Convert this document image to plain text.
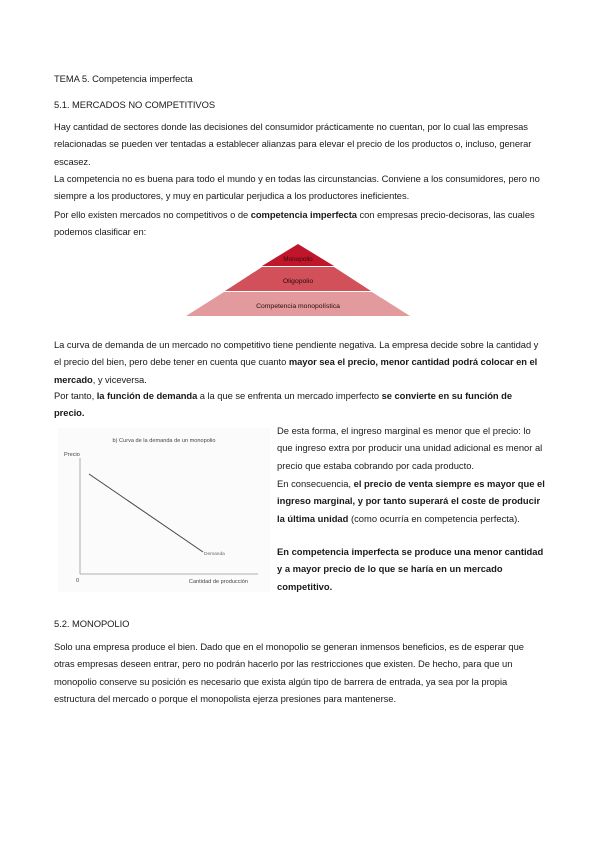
TEMA 5. Competencia imperfecta
5.1. MERCADOS NO COMPETITIVOS
Hay cantidad de sectores donde las decisiones del consumidor prácticamente no cuentan, por lo cual las empresas relacionadas se pueden ver tentadas a establecer alianzas para elevar el precio de los productos o, incluso, generar escasez.
La competencia no es buena para todo el mundo y en todas las circunstancias. Conviene a los consumidores, pero no siempre a los productores, y muy en particular perjudica a los productores ineficientes.
Por ello existen mercados no competitivos o de competencia imperfecta con empresas precio-decisoras, las cuales podemos clasificar en:
Monopolio
Oligopolio
Competencia monopolística
La curva de demanda de un mercado no competitivo tiene pendiente negativa. La empresa decide sobre la cantidad y el precio del bien, pero debe tener en cuenta que cuanto mayor sea el precio, menor cantidad podrá colocar en el mercado, y viceversa.
Por tanto, la función de demanda a la que se enfrenta un mercado imperfecto se convierte en su función de precio.
b) Curva de la demanda de un monopolio
Precio
0	Cantidad de producción
Demanda
De esta forma, el ingreso marginal es menor que el precio: lo que ingreso extra por producir una unidad adicional es menor al precio que estaba cobrando por cada producto.
En consecuencia, el precio de venta siempre es mayor que el ingreso marginal, y por tanto superará el coste de producir la última unidad (como ocurría en competencia perfecta).
En competencia imperfecta se produce una menor cantidad y a mayor precio de lo que se haría en un mercado competitivo.
5.2. MONOPOLIO
Solo una empresa produce el bien. Dado que en el monopolio se generan inmensos beneficios, es de esperar que otras empresas deseen entrar, pero no podrán hacerlo por las restricciones que existen. De hecho, para que un monopolio conserve su posición es necesario que exista algún tipo de barrera de entrada, ya sea por la propia estructura del mercado o porque el monopolista ejerza presiones para mantenerse.
